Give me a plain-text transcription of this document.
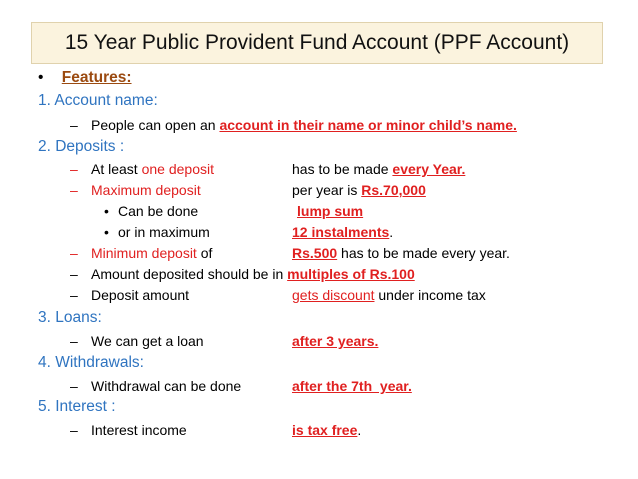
15 Year Public Provident Fund Account (PPF Account)
• Features:
1. Account name:
– People can open an account in their name or minor child’s name.
2. Deposits :
– At least one deposit	has to be made every Year.
– Maximum deposit	per year is Rs.70,000
• Can be done	lump sum
• or in maximum	12 instalments.
– Minimum deposit of	Rs.500 has to be made every year.
– Amount deposited should be in multiples of Rs.100
– Deposit amount	gets discount under income tax
3. Loans:
– We can get a loan	after 3 years.
4. Withdrawals:
– Withdrawal can be done	after the 7th  year.
5. Interest :
– Interest income	is tax free.
